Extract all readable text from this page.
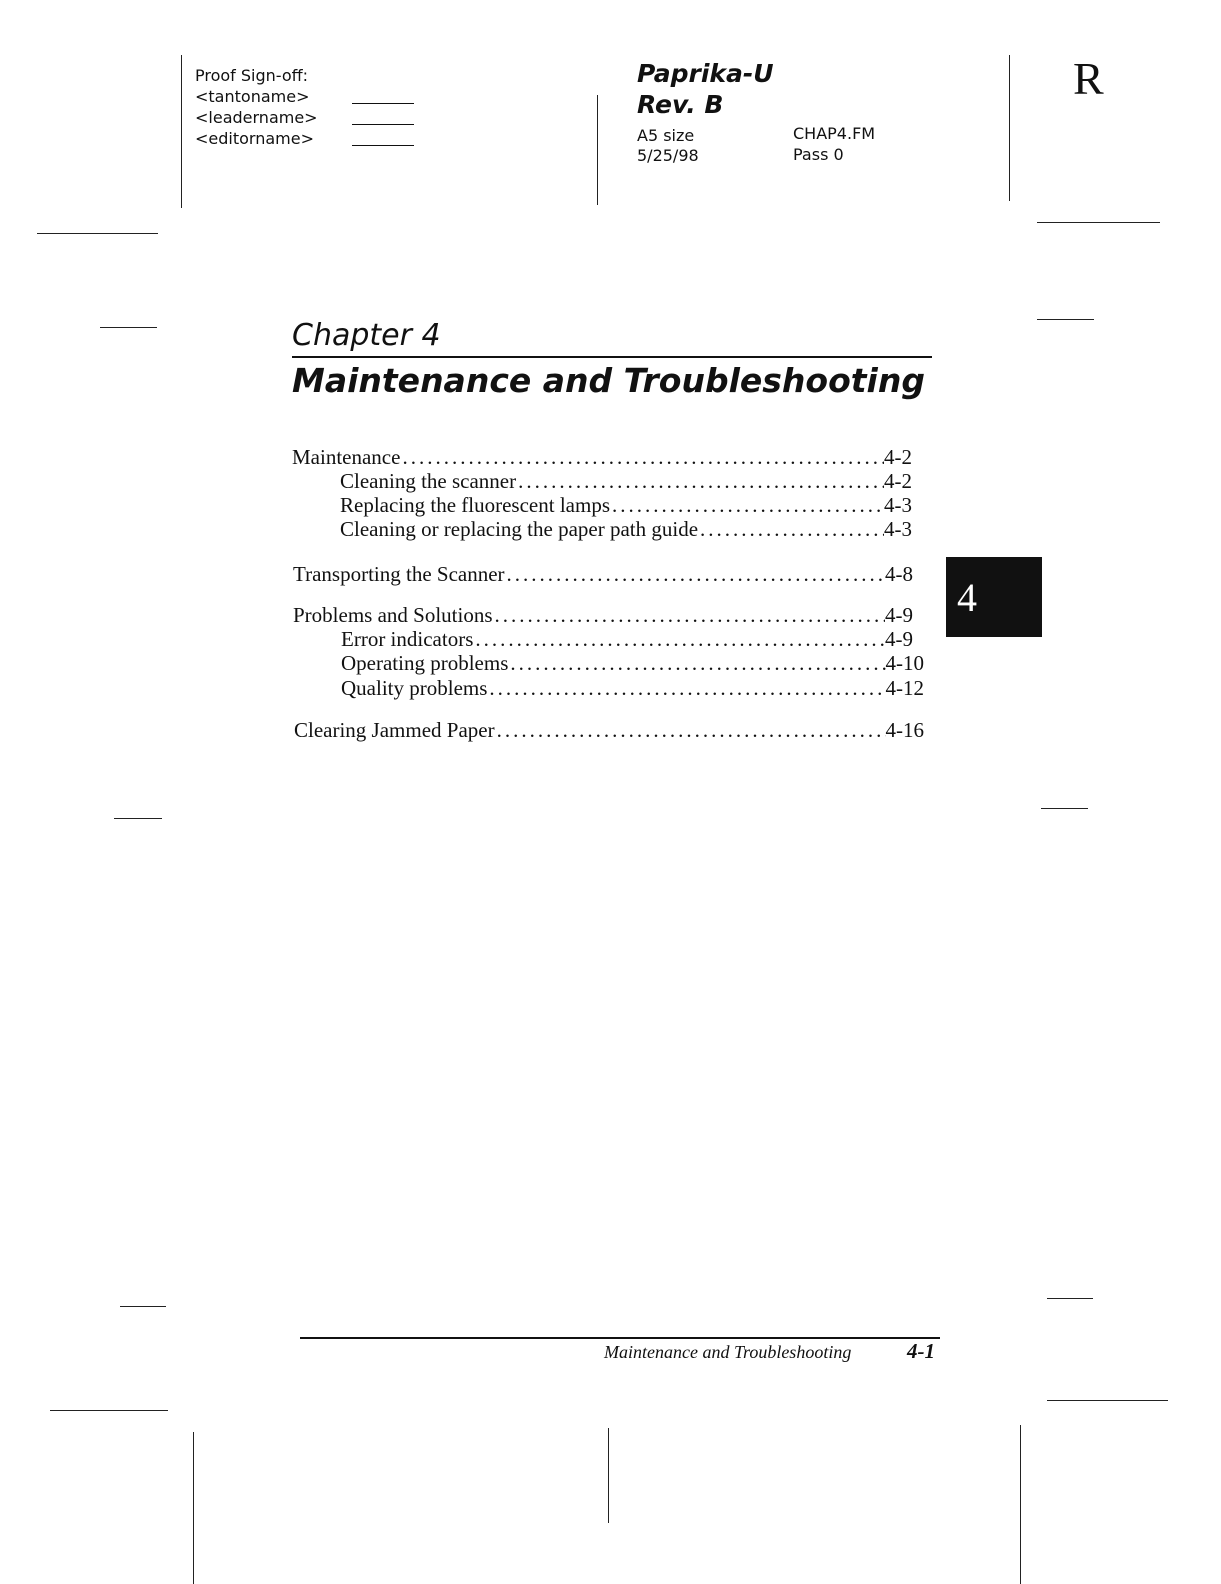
Proof Sign-off:
<tantoname>
<leadername>
<editorname>
Paprika-U
Rev. B
A5 size
5/25/98
CHAP4.FM
Pass 0
R
Chapter 4
Maintenance and Troubleshooting
Maintenance .....	4-2
Cleaning the scanner .....	4-2
Replacing the fluorescent lamps .....	4-3
Cleaning or replacing the paper path guide .....	4-3
Transporting the Scanner .....	4-8
Problems and Solutions .....	4-9
Error indicators .....	4-9
Operating problems .....	4-10
Quality problems .....	4-12
Clearing Jammed Paper .....	4-16
4
Maintenance and Troubleshooting	4-1
